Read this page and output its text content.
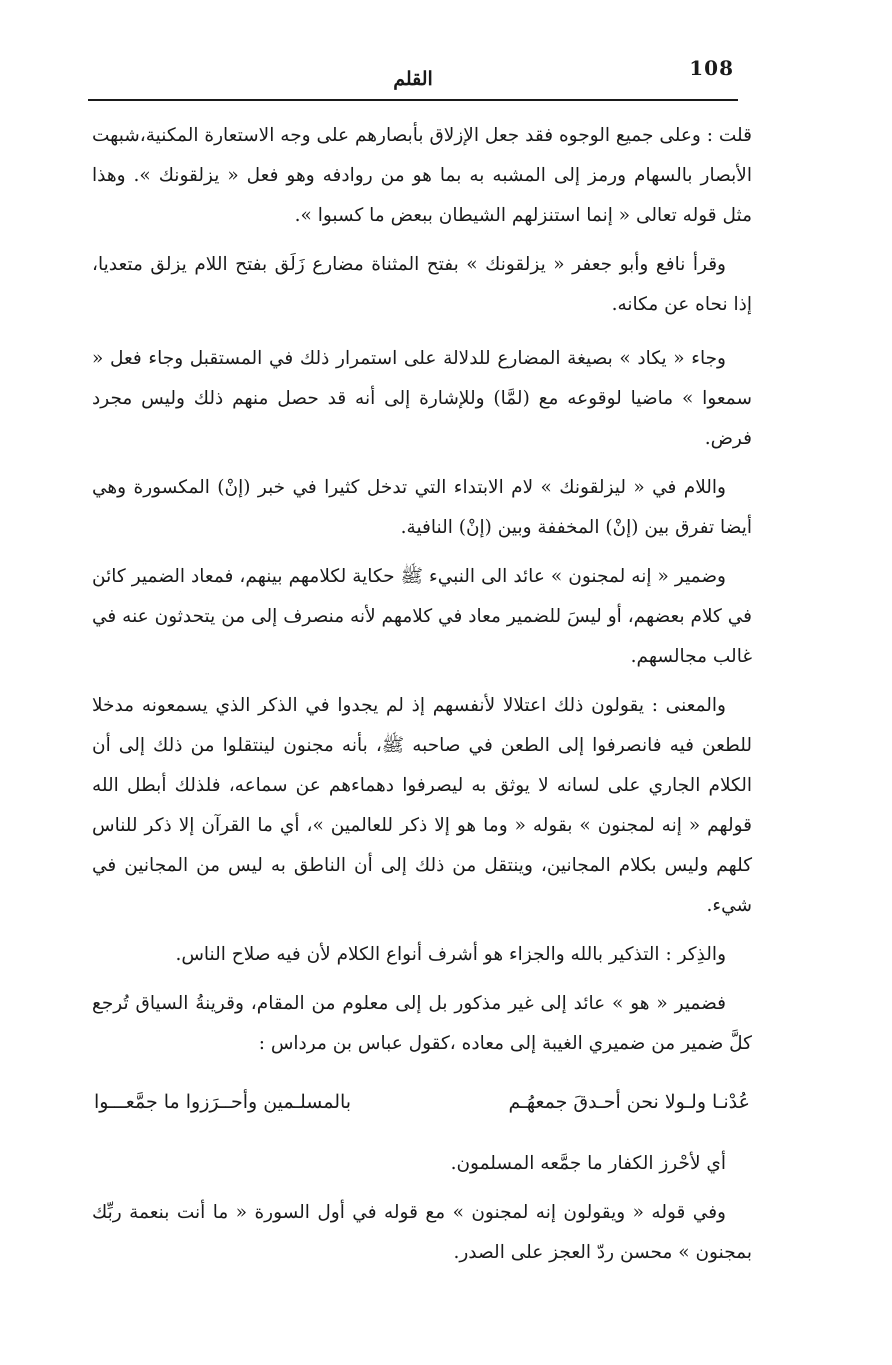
108
القلم

قلت : وعلى جميع الوجوه فقد جعل الإزلاق بأبصارهم على وجه الاستعارة المكنية،شبهت الأبصار بالسهام ورمز إلى المشبه به بما هو من روادفه وهو فعل « يزلقونك ». وهذا مثل قوله تعالى « إنما استنزلهم الشيطان ببعض ما كسبوا ».

وقرأ نافع وأبو جعفر « يزلقونك » بفتح المثناة مضارع زَلَق بفتح اللام يزلق متعديا، إذا نحاه عن مكانه.

وجاء « يكاد » بصيغة المضارع للدلالة على استمرار ذلك في المستقبل وجاء فعل « سمعوا » ماضيا لوقوعه مع (لمَّا) وللإشارة إلى أنه قد حصل منهم ذلك وليس مجرد فرض.

واللام في « ليزلقونك » لام الابتداء التي تدخل كثيرا في خبر (إنْ) المكسورة وهي أيضا تفرق بين (إنْ) المخففة وبين (إنْ) النافية.

وضمير « إنه لمجنون » عائد الى النبيء ﷺ حكاية لكلامهم بينهم، فمعاد الضمير كائن في كلام بعضهم، أو ليسَ للضمير معاد في كلامهم لأنه منصرف إلى من يتحدثون عنه في غالب مجالسهم.

والمعنى : يقولون ذلك اعتلالا لأنفسهم إذ لم يجدوا في الذكر الذي يسمعونه مدخلا للطعن فيه فانصرفوا إلى الطعن في صاحبه ﷺ، بأنه مجنون لينتقلوا من ذلك إلى أن الكلام الجاري على لسانه لا يوثق به ليصرفوا دهماءهم عن سماعه، فلذلك أبطل الله قولهم « إنه لمجنون » بقوله « وما هو إلا ذكر للعالمين »، أي ما القرآن إلا ذكر للناس كلهم وليس بكلام المجانين، وينتقل من ذلك إلى أن الناطق به ليس من المجانين في شيء.

والذِكر : التذكير بالله والجزاء هو أشرف أنواع الكلام لأن فيه صلاح الناس.

فضمير « هو » عائد إلى غير مذكور بل إلى معلوم من المقام، وقرينةُ السياق تُرجع كلَّ ضمير من ضميري الغيبة إلى معاده ،كقول عباس بن مرداس :

عُدْنـا ولـولا نحن أحـدقَ جمعهُـم
بالمسلـمين وأحــرَزوا ما جمَّعـــوا

أي لأحْرز الكفار ما جمَّعه المسلمون.

وفي قوله « ويقولون إنه لمجنون » مع قوله في أول السورة « ما أنت بنعمة ربِّك بمجنون » محسن ردّ العجز على الصدر.
